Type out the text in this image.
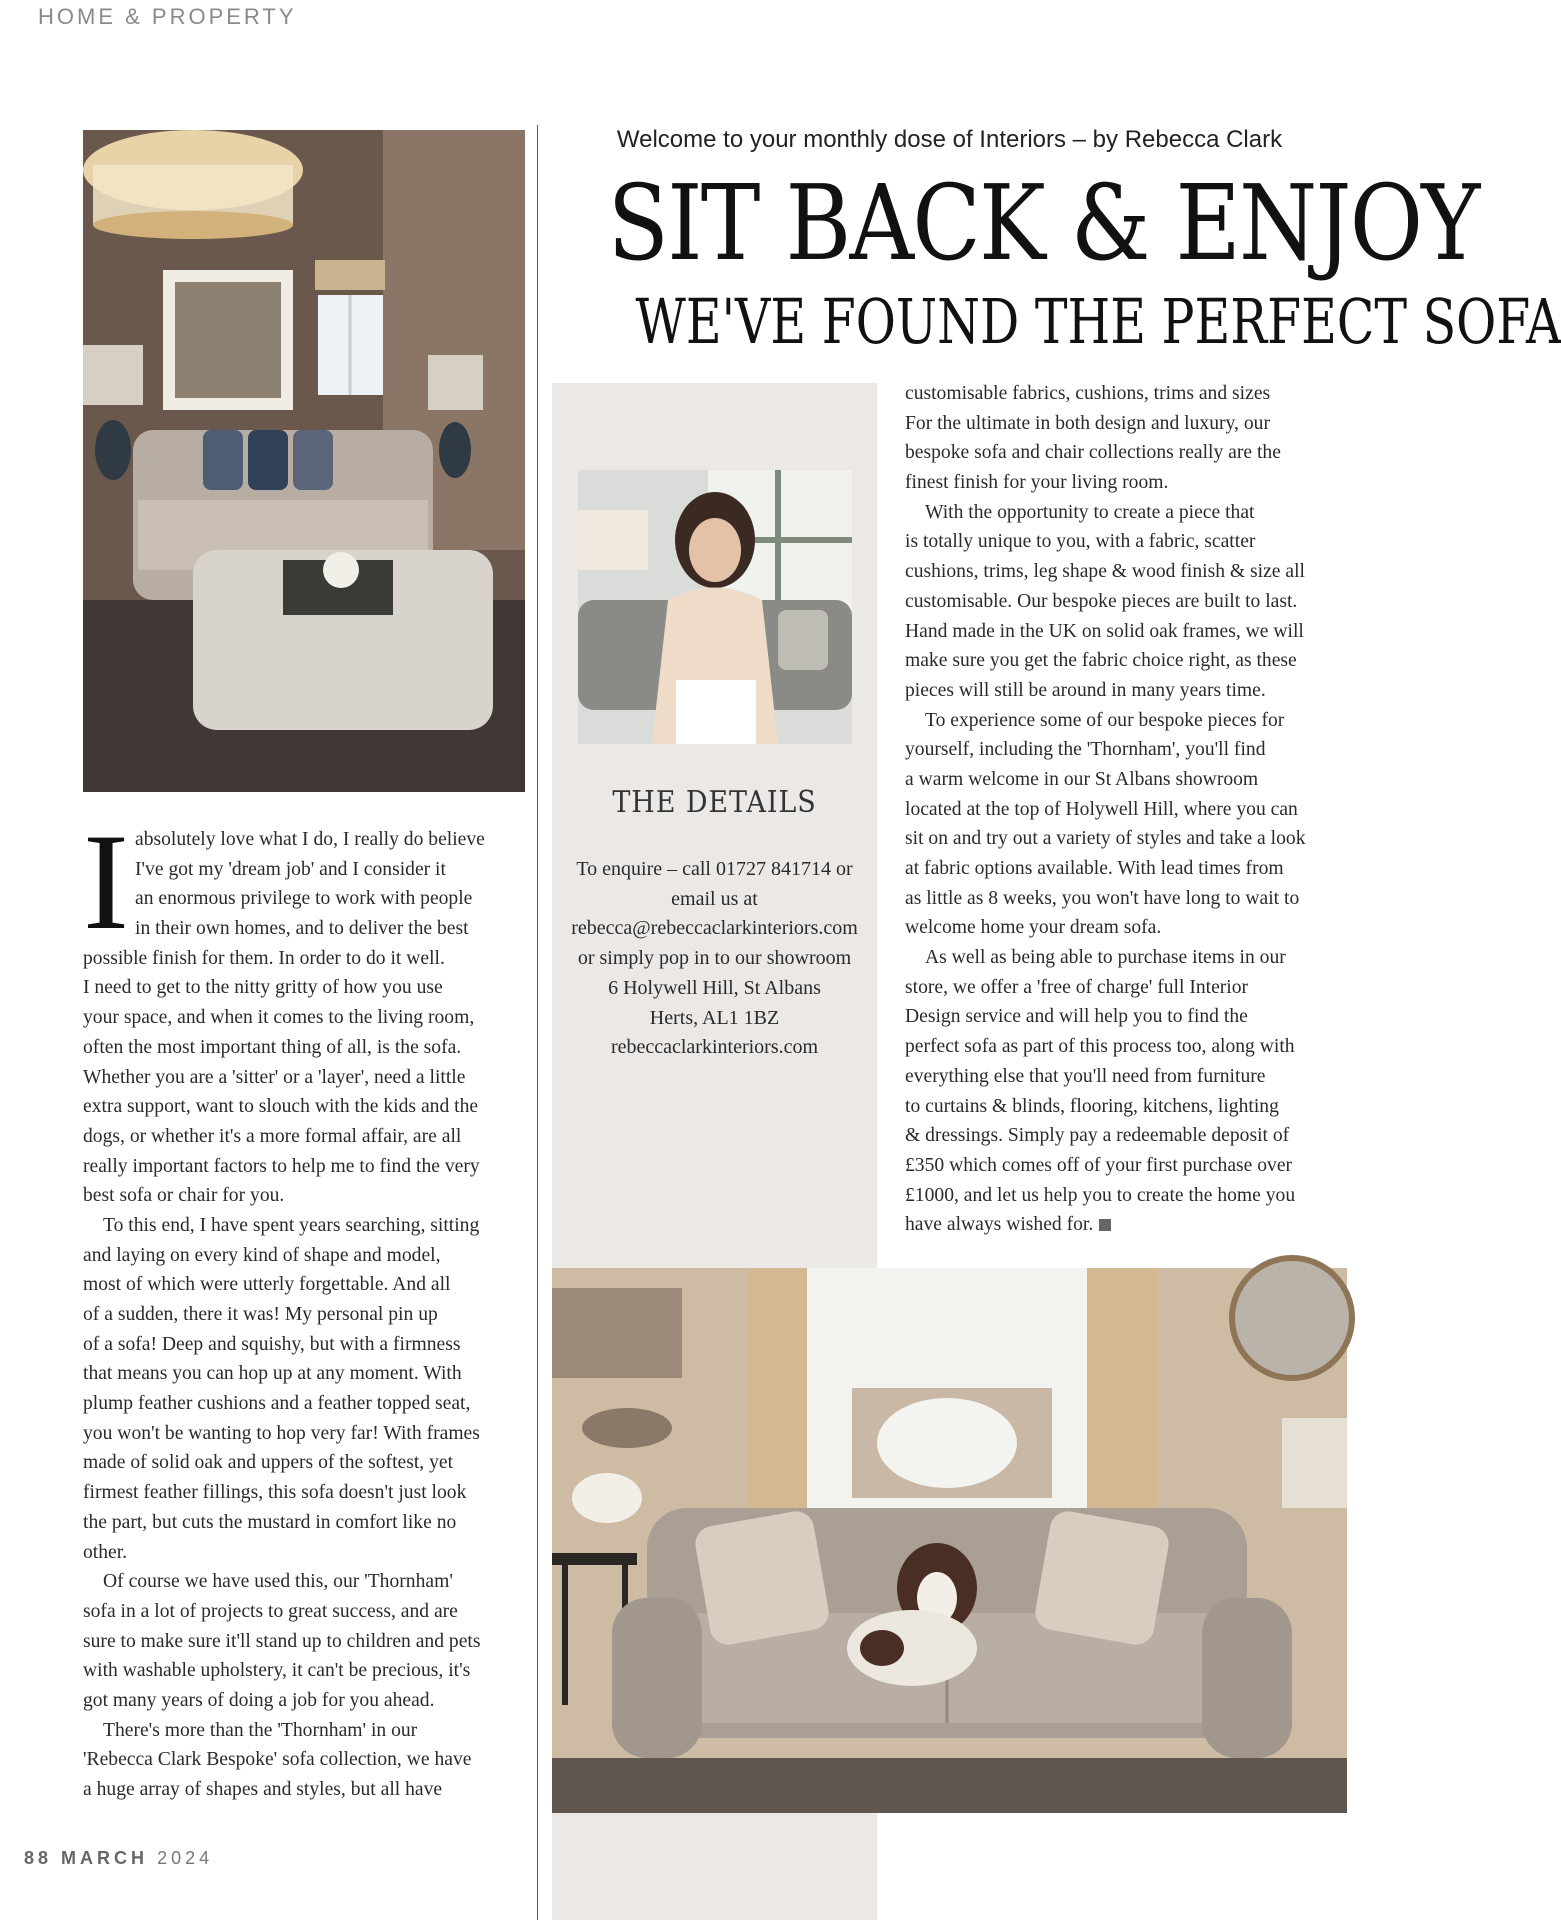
HOME & PROPERTY
Welcome to your monthly dose of Interiors – by Rebecca Clark
SIT BACK & ENJOY
WE'VE FOUND THE PERFECT SOFA
THE DETAILS
To enquire – call 01727 841714 or
email us at
rebecca@rebeccaclarkinteriors.com
or simply pop in to our showroom
6 Holywell Hill, St Albans
Herts, AL1 1BZ
rebeccaclarkinteriors.com
I absolutely love what I do, I really do believe
I've got my 'dream job' and I consider it
an enormous privilege to work with people
in their own homes, and to deliver the best
possible finish for them. In order to do it well.
I need to get to the nitty gritty of how you use
your space, and when it comes to the living room,
often the most important thing of all, is the sofa.
Whether you are a 'sitter' or a 'layer', need a little
extra support, want to slouch with the kids and the
dogs, or whether it's a more formal affair, are all
really important factors to help me to find the very
best sofa or chair for you.
To this end, I have spent years searching, sitting
and laying on every kind of shape and model,
most of which were utterly forgettable. And all
of a sudden, there it was! My personal pin up
of a sofa! Deep and squishy, but with a firmness
that means you can hop up at any moment. With
plump feather cushions and a feather topped seat,
you won't be wanting to hop very far! With frames
made of solid oak and uppers of the softest, yet
firmest feather fillings, this sofa doesn't just look
the part, but cuts the mustard in comfort like no
other.
Of course we have used this, our 'Thornham'
sofa in a lot of projects to great success, and are
sure to make sure it'll stand up to children and pets
with washable upholstery, it can't be precious, it's
got many years of doing a job for you ahead.
There's more than the 'Thornham' in our
'Rebecca Clark Bespoke' sofa collection, we have
a huge array of shapes and styles, but all have
customisable fabrics, cushions, trims and sizes
For the ultimate in both design and luxury, our
bespoke sofa and chair collections really are the
finest finish for your living room.
With the opportunity to create a piece that
is totally unique to you, with a fabric, scatter
cushions, trims, leg shape & wood finish & size all
customisable. Our bespoke pieces are built to last.
Hand made in the UK on solid oak frames, we will
make sure you get the fabric choice right, as these
pieces will still be around in many years time.
To experience some of our bespoke pieces for
yourself, including the 'Thornham', you'll find
a warm welcome in our St Albans showroom
located at the top of Holywell Hill, where you can
sit on and try out a variety of styles and take a look
at fabric options available. With lead times from
as little as 8 weeks, you won't have long to wait to
welcome home your dream sofa.
As well as being able to purchase items in our
store, we offer a 'free of charge' full Interior
Design service and will help you to find the
perfect sofa as part of this process too, along with
everything else that you'll need from furniture
to curtains & blinds, flooring, kitchens, lighting
& dressings. Simply pay a redeemable deposit of
£350 which comes off of your first purchase over
£1000, and let us help you to create the home you
have always wished for.
88 MARCH 2024
